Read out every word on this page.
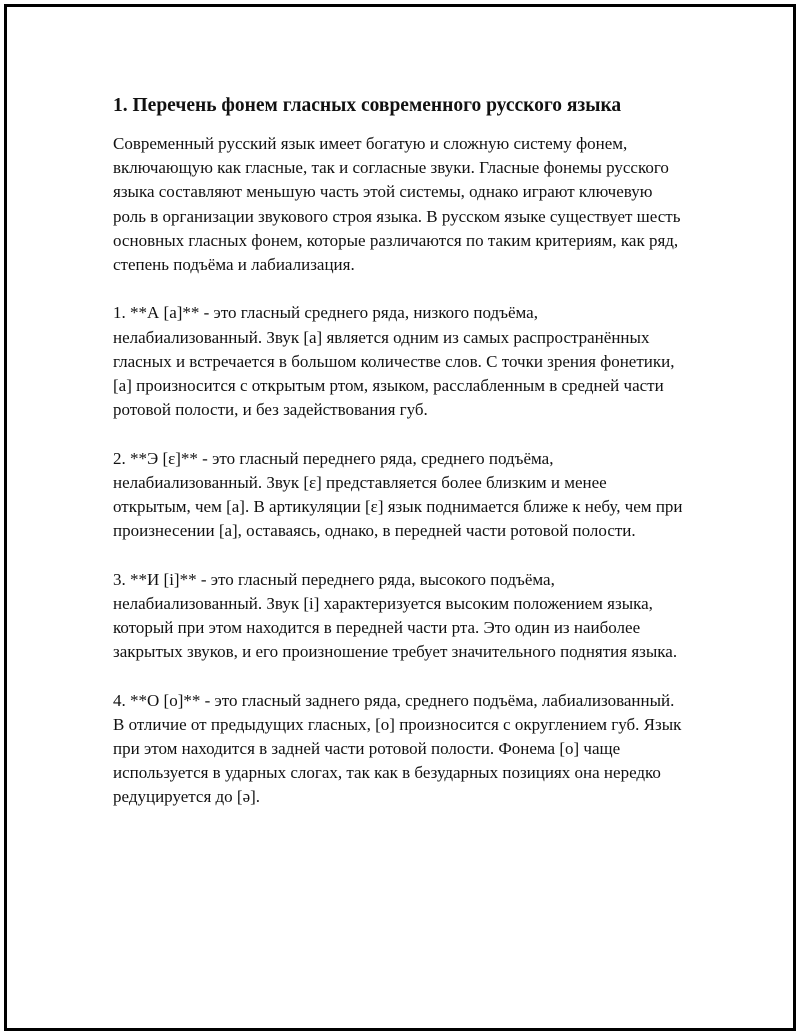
1. Перечень фонем гласных современного русского языка

Современный русский язык имеет богатую и сложную систему фонем, включающую как гласные, так и согласные звуки. Гласные фонемы русского языка составляют меньшую часть этой системы, однако играют ключевую роль в организации звукового строя языка. В русском языке существует шесть основных гласных фонем, которые различаются по таким критериям, как ряд, степень подъёма и лабиализация.

1. **А [a]** - это гласный среднего ряда, низкого подъёма, нелабиализованный. Звук [a] является одним из самых распространённых гласных и встречается в большом количестве слов. С точки зрения фонетики, [a] произносится с открытым ртом, языком, расслабленным в средней части ротовой полости, и без задействования губ.

2. **Э [ɛ]** - это гласный переднего ряда, среднего подъёма, нелабиализованный. Звук [ɛ] представляется более близким и менее открытым, чем [a]. В артикуляции [ɛ] язык поднимается ближе к небу, чем при произнесении [a], оставаясь, однако, в передней части ротовой полости.

3. **И [i]** - это гласный переднего ряда, высокого подъёма, нелабиализованный. Звук [i] характеризуется высоким положением языка, который при этом находится в передней части рта. Это один из наиболее закрытых звуков, и его произношение требует значительного поднятия языка.

4. **О [o]** - это гласный заднего ряда, среднего подъёма, лабиализованный. В отличие от предыдущих гласных, [o] произносится с округлением губ. Язык при этом находится в задней части ротовой полости. Фонема [o] чаще используется в ударных слогах, так как в безударных позициях она нередко редуцируется до [ə].
